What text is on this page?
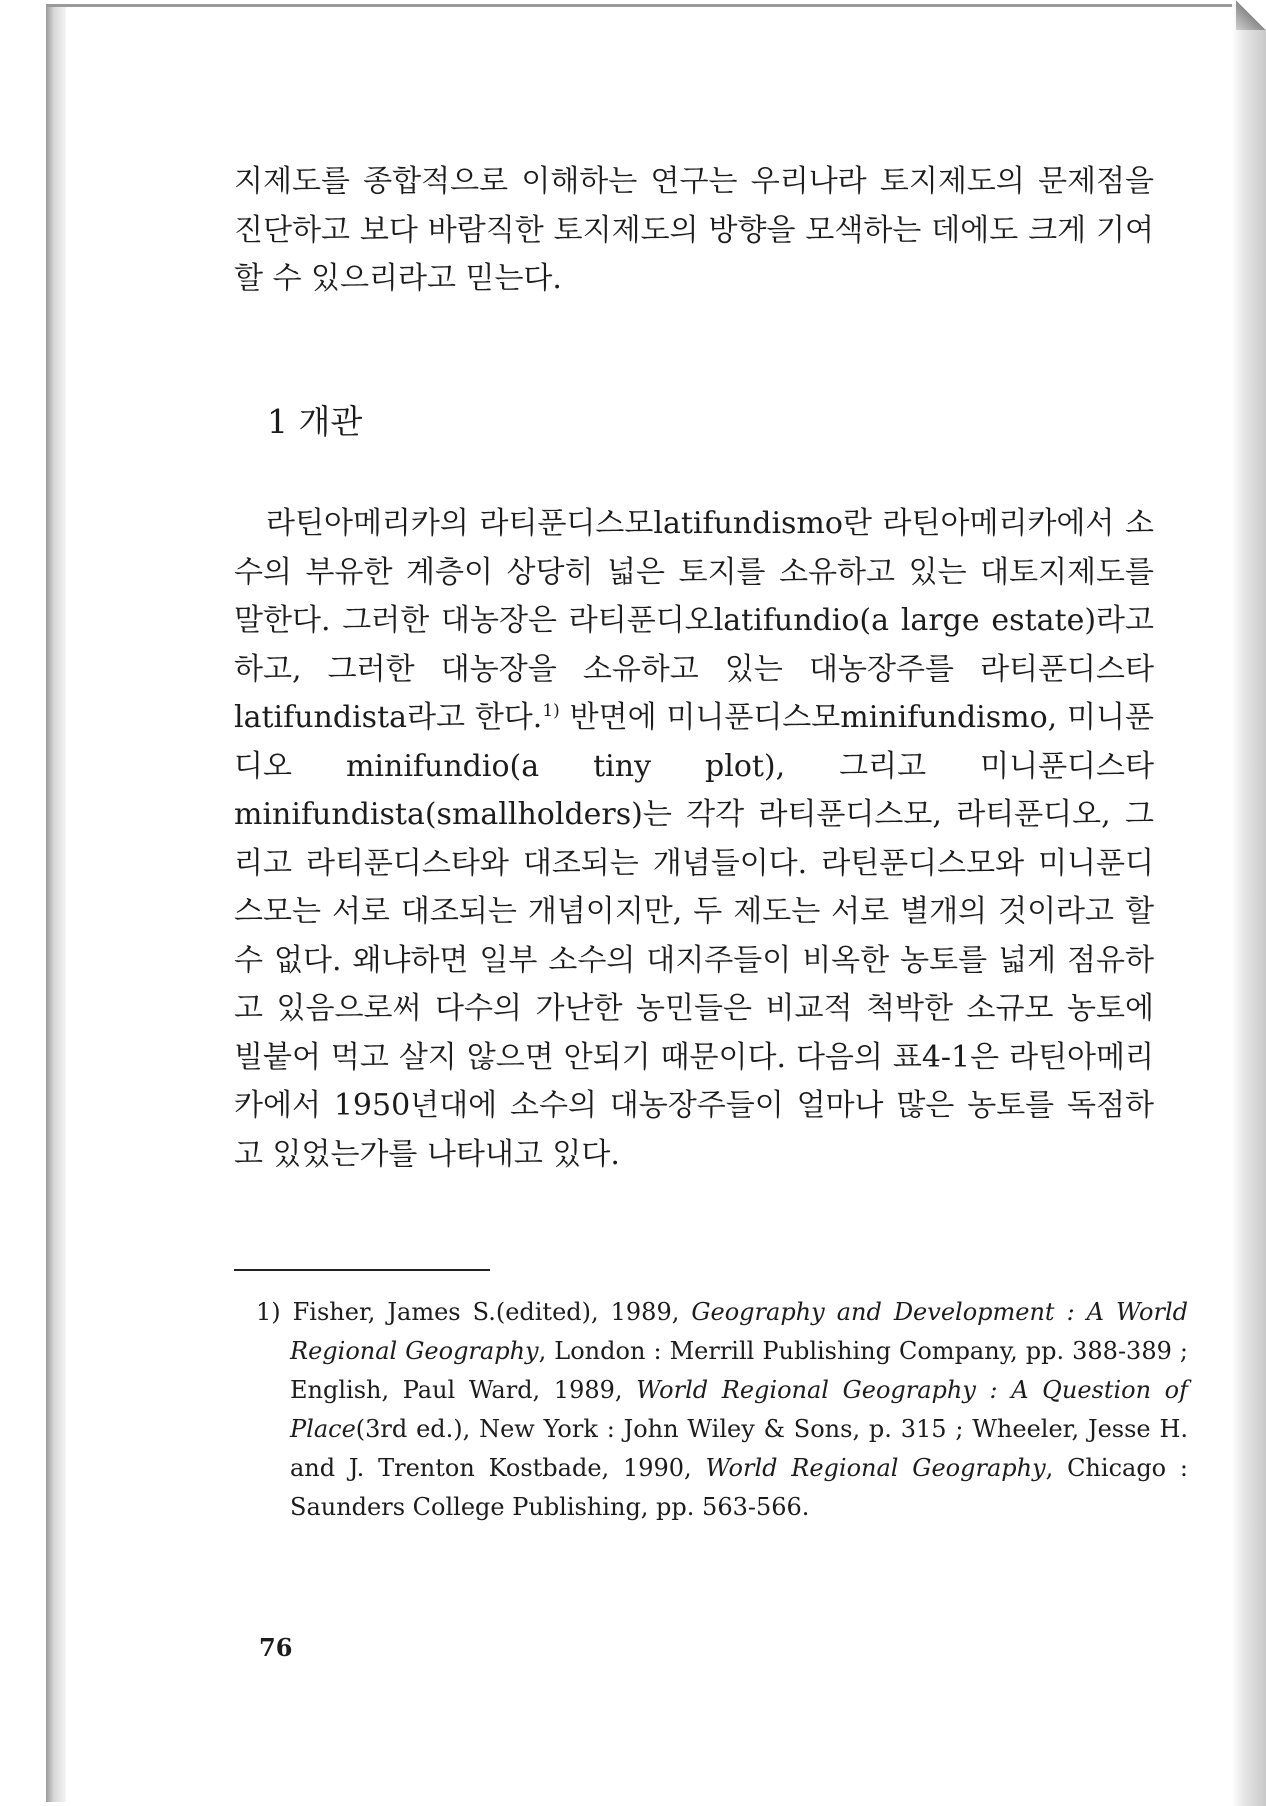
지제도를 종합적으로 이해하는 연구는 우리나라 토지제도의 문제점을 진단하고 보다 바람직한 토지제도의 방향을 모색하는 데에도 크게 기여할 수 있으리라고 믿는다.

1 개관

라틴아메리카의 라티푼디스모latifundismo란 라틴아메리카에서 소수의 부유한 계층이 상당히 넓은 토지를 소유하고 있는 대토지제도를 말한다. 그러한 대농장은 라티푼디오latifundio(a large estate)라고 하고, 그러한 대농장을 소유하고 있는 대농장주를 라티푼디스타latifundista라고 한다.$^{1)}$ 반면에 미니푼디스모minifundismo, 미니푼디오 minifundio(a tiny plot), 그리고 미니푼디스타minifundista(smallholders)는 각각 라티푼디스모, 라티푼디오, 그리고 라티푼디스타와 대조되는 개념들이다. 라틴푼디스모와 미니푼디스모는 서로 대조되는 개념이지만, 두 제도는 서로 별개의 것이라고 할 수 없다. 왜냐하면 일부 소수의 대지주들이 비옥한 농토를 넓게 점유하고 있음으로써 다수의 가난한 농민들은 비교적 척박한 소규모 농토에 빌붙어 먹고 살지 않으면 안되기 때문이다. 다음의 표4-1은 라틴아메리카에서 1950년대에 소수의 대농장주들이 얼마나 많은 농토를 독점하고 있었는가를 나타내고 있다.

1) Fisher, James S.(edited), 1989, Geography and Development : A World Regional Geography, London : Merrill Publishing Company, pp. 388-389 ; English, Paul Ward, 1989, World Regional Geography : A Question of Place(3rd ed.), New York : John Wiley & Sons, p. 315 ; Wheeler, Jesse H. and J. Trenton Kostbade, 1990, World Regional Geography, Chicago : Saunders College Publishing, pp. 563-566.

76
